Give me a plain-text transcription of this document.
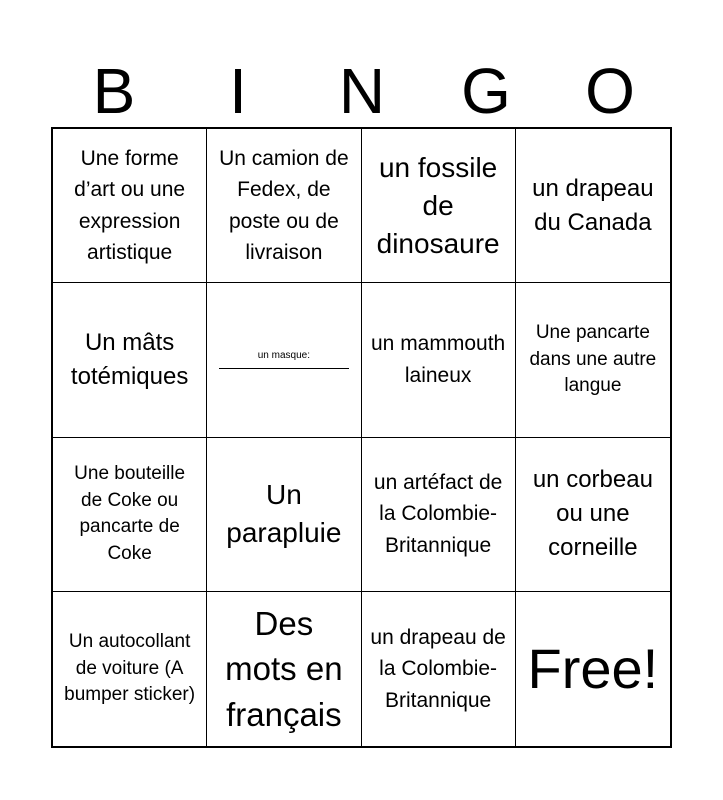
B	I	N	G	O
Une forme d’art ou une expression artistique
Un camion de Fedex, de poste ou de livraison
un fossile de dinosaure
un drapeau du Canada
Un mâts totémiques
un masque:
un mammouth laineux
Une pancarte dans une autre langue
Une bouteille de Coke ou pancarte de Coke
Un parapluie
un artéfact de la Colombie-Britannique
un corbeau ou une corneille
Un autocollant de voiture (A bumper sticker)
Des mots en français
un drapeau de la Colombie-Britannique
Free!
